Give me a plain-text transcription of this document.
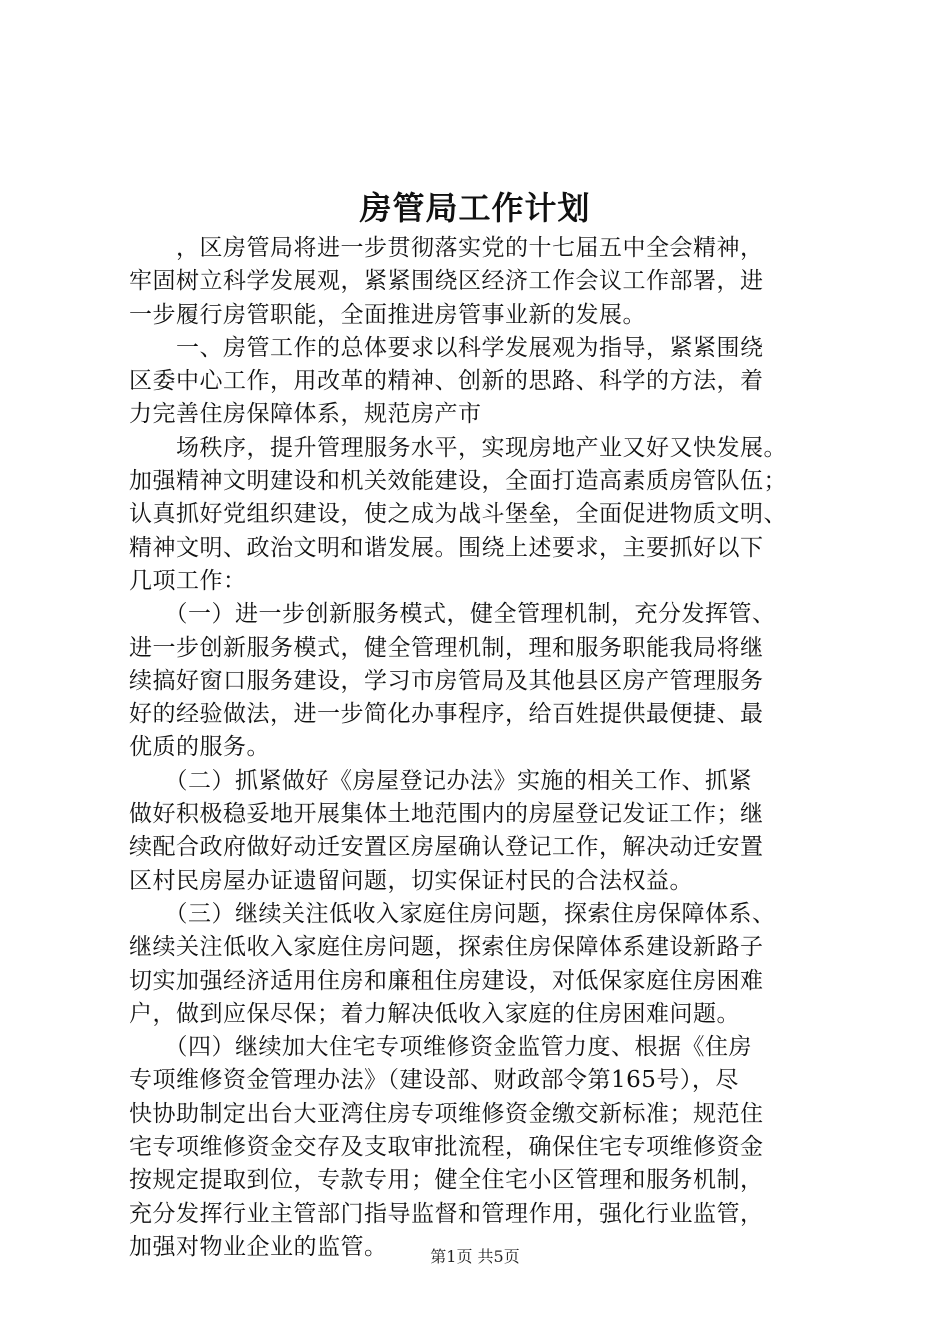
房管局工作计划
　　，区房管局将进一步贯彻落实党的十七届五中全会精神，
牢固树立科学发展观，紧紧围绕区经济工作会议工作部署，进
一步履行房管职能，全面推进房管事业新的发展。
　　一、房管工作的总体要求以科学发展观为指导，紧紧围绕
区委中心工作，用改革的精神、创新的思路、科学的方法，着
力完善住房保障体系，规范房产市
　　场秩序，提升管理服务水平，实现房地产业又好又快发展。
加强精神文明建设和机关效能建设，全面打造高素质房管队伍；
认真抓好党组织建设，使之成为战斗堡垒，全面促进物质文明、
精神文明、政治文明和谐发展。围绕上述要求，主要抓好以下
几项工作：
　　（一）进一步创新服务模式，健全管理机制，充分发挥管、
进一步创新服务模式，健全管理机制，理和服务职能我局将继
续搞好窗口服务建设，学习市房管局及其他县区房产管理服务
好的经验做法，进一步简化办事程序，给百姓提供最便捷、最
优质的服务。
　　（二）抓紧做好《房屋登记办法》实施的相关工作、抓紧
做好积极稳妥地开展集体土地范围内的房屋登记发证工作；继
续配合政府做好动迁安置区房屋确认登记工作，解决动迁安置
区村民房屋办证遗留问题，切实保证村民的合法权益。
　　（三）继续关注低收入家庭住房问题，探索住房保障体系、
继续关注低收入家庭住房问题，探索住房保障体系建设新路子
切实加强经济适用住房和廉租住房建设，对低保家庭住房困难
户，做到应保尽保；着力解决低收入家庭的住房困难问题。
　　（四）继续加大住宅专项维修资金监管力度、根据《住房
专项维修资金管理办法》（建设部、财政部令第165号），尽
快协助制定出台大亚湾住房专项维修资金缴交新标准；规范住
宅专项维修资金交存及支取审批流程，确保住宅专项维修资金
按规定提取到位，专款专用；健全住宅小区管理和服务机制，
充分发挥行业主管部门指导监督和管理作用，强化行业监管，
加强对物业企业的监管。	第1页 共5页
